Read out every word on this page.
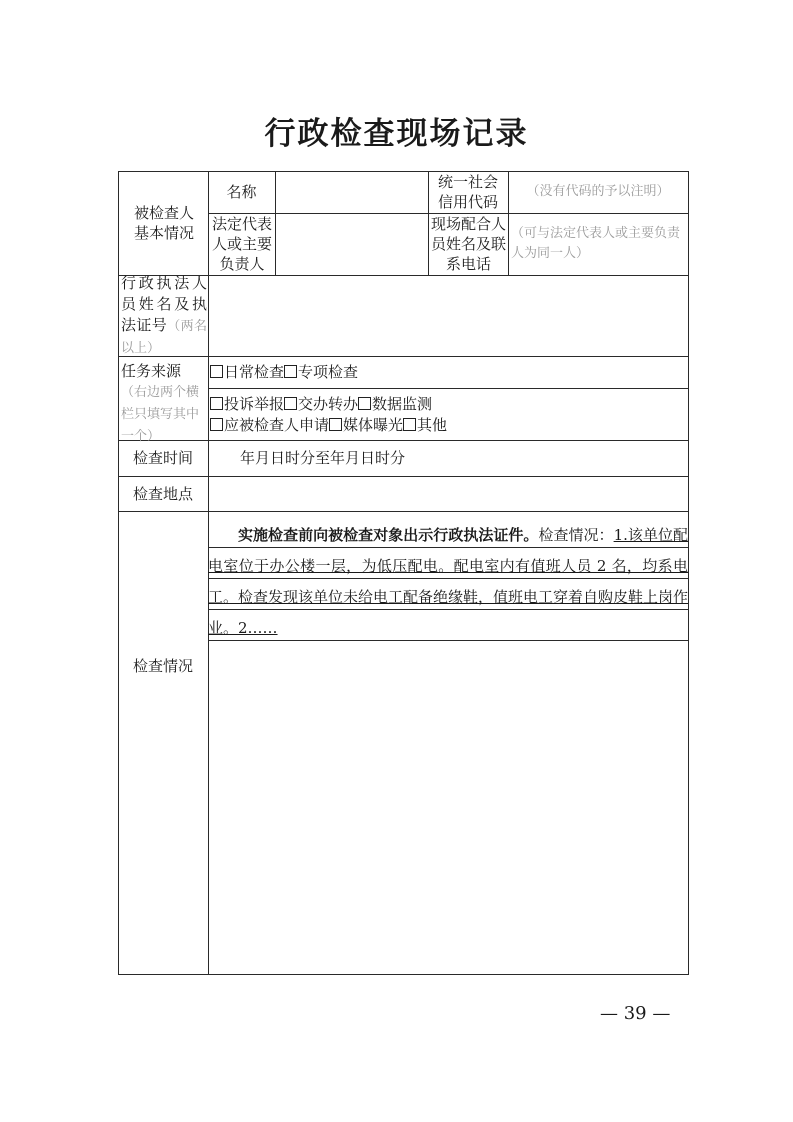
行政检查现场记录
被检查人基本情况
名称
统一社会信用代码
（没有代码的予以注明）
法定代表人或主要负责人
现场配合人员姓名及联系电话
（可与法定代表人或主要负责人为同一人）
行政执法人员姓名及执法证号（两名以上）
任务来源（右边两个横栏只填写其中一个）
日常检查 专项检查
投诉举报 交办转办 数据监测
应被检查人申请 媒体曝光 其他
检查时间	年月日时分至年月日时分
检查地点
检查情况
实施检查前向被检查对象出示行政执法证件。检查情况：1.该单位配电室位于办公楼一层，为低压配电。配电室内有值班人员 2 名，均系电工。检查发现该单位未给电工配备绝缘鞋，值班电工穿着自购皮鞋上岗作业。2……
— 39 —
